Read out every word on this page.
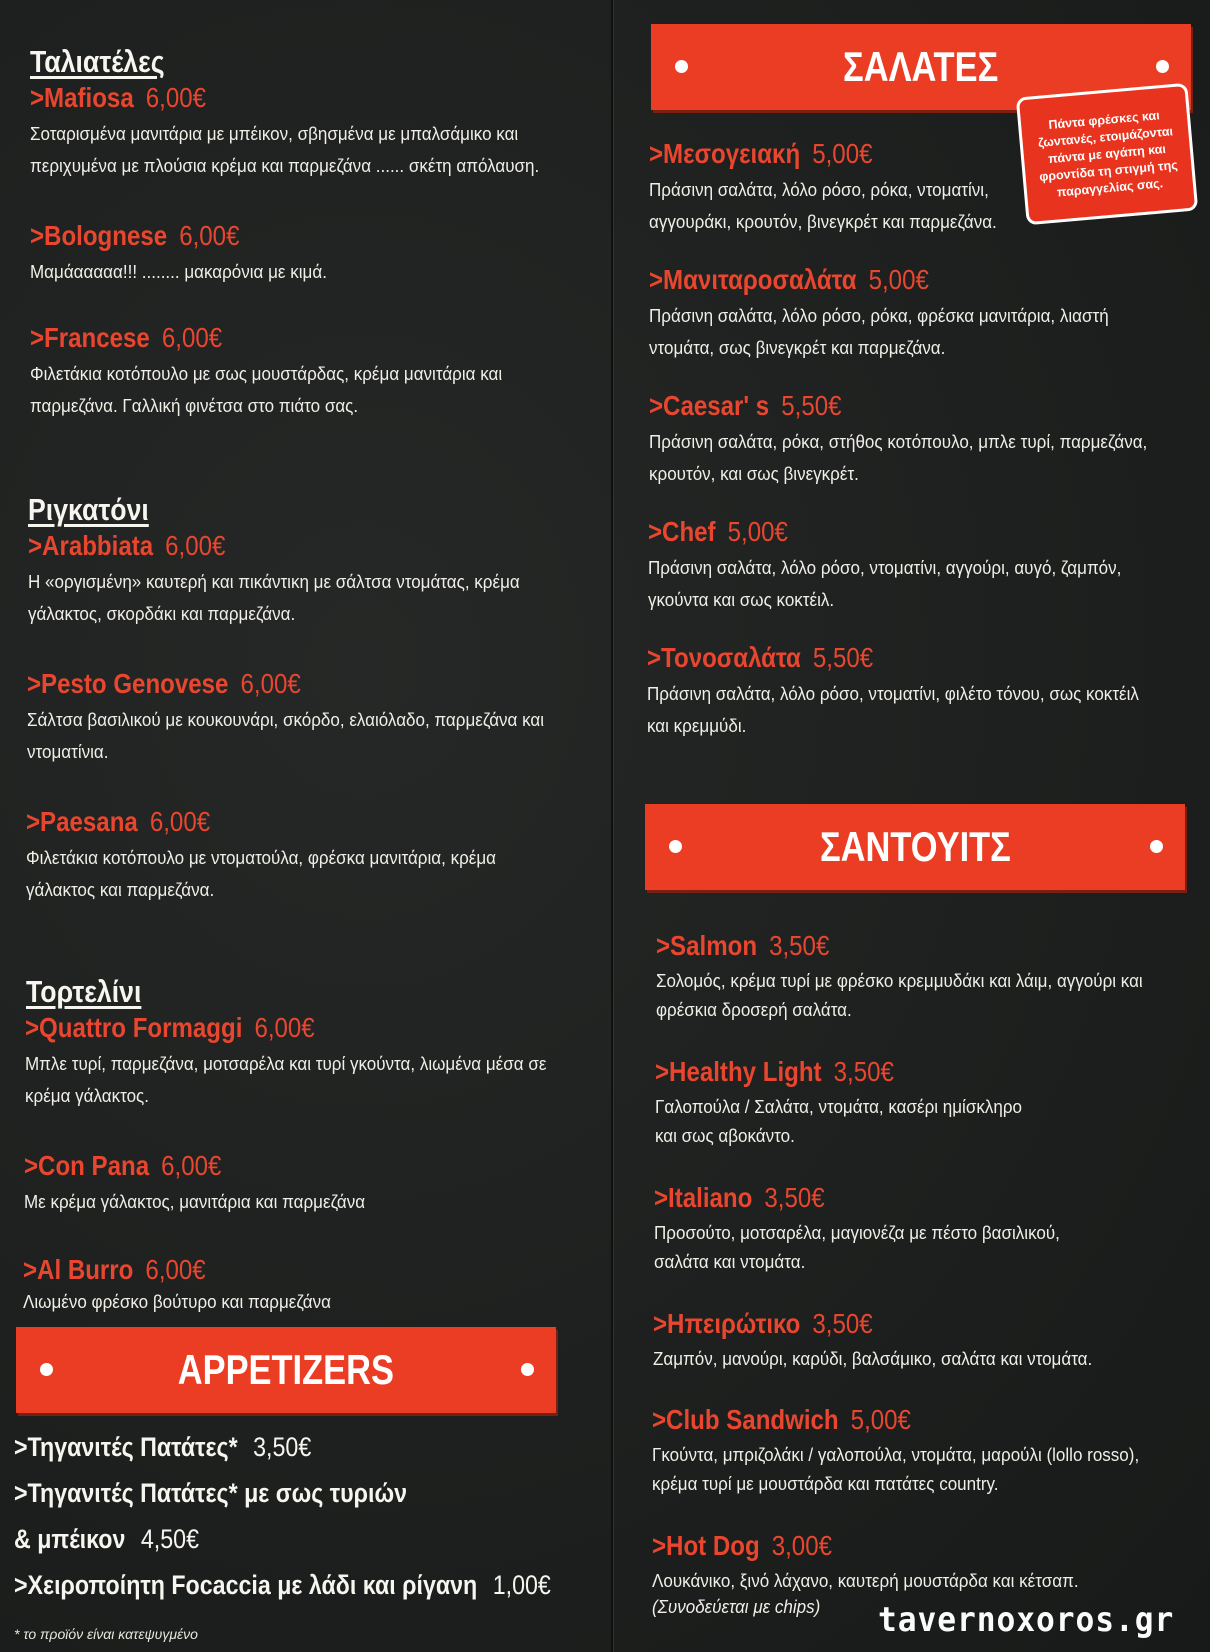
Ταλιατέλες
>Mafiosa 6,00€
Σοταρισμένα μανιτάρια με μπέικον, σβησμένα με μπαλσάμικο και περιχυμένα με πλούσια κρέμα και παρμεζάνα ...... σκέτη απόλαυση.
>Bolognese 6,00€
Μαμάααααα!!! ........ μακαρόνια με κιμά.
>Francese 6,00€
Φιλετάκια κοτόπουλο με σως μουστάρδας, κρέμα μανιτάρια και παρμεζάνα. Γαλλική φινέτσα στο πιάτο σας.
Ριγκατόνι
>Arabbiata 6,00€
Η «οργισμένη» καυτερή και πικάντικη με σάλτσα ντομάτας, κρέμα γάλακτος, σκορδάκι και παρμεζάνα.
>Pesto Genovese 6,00€
Σάλτσα βασιλικού με κουκουνάρι, σκόρδο, ελαιόλαδο, παρμεζάνα και ντοματίνια.
>Paesana 6,00€
Φιλετάκια κοτόπουλο με ντοματούλα, φρέσκα μανιτάρια, κρέμα γάλακτος και παρμεζάνα.
Τορτελίνι
>Quattro Formaggi 6,00€
Μπλε τυρί, παρμεζάνα, μοτσαρέλα και τυρί γκούντα, λιωμένα μέσα σε κρέμα γάλακτος.
>Con Pana 6,00€
Με κρέμα γάλακτος, μανιτάρια και παρμεζάνα
>Al Burro 6,00€
Λιωμένο φρέσκο βούτυρο και παρμεζάνα
APPETIZERS
>Τηγανιτές Πατάτες* 3,50€
>Τηγανιτές Πατάτες* με σως τυριών
& μπέικον 4,50€
>Χειροποίητη Focaccia με λάδι και ρίγανη 1,00€
* το προϊόν είναι κατεψυγμένο
ΣΑΛΑΤΕΣ
Πάντα φρέσκες και ζωντανές, ετοιμάζονται πάντα με αγάπη και φροντίδα τη στιγμή της παραγγελίας σας.
>Μεσογειακή 5,00€
Πράσινη σαλάτα, λόλο ρόσο, ρόκα, ντοματίνι, αγγουράκι, κρουτόν, βινεγκρέτ και παρμεζάνα.
>Μανιταροσαλάτα 5,00€
Πράσινη σαλάτα, λόλο ρόσο, ρόκα, φρέσκα μανιτάρια, λιαστή ντομάτα, σως βινεγκρέτ και παρμεζάνα.
>Caesar' s 5,50€
Πράσινη σαλάτα, ρόκα, στήθος κοτόπουλο, μπλε τυρί, παρμεζάνα, κρουτόν, και σως βινεγκρέτ.
>Chef 5,00€
Πράσινη σαλάτα, λόλο ρόσο, ντοματίνι, αγγούρι, αυγό, ζαμπόν, γκούντα και σως κοκτέιλ.
>Τονοσαλάτα 5,50€
Πράσινη σαλάτα, λόλο ρόσο, ντοματίνι, φιλέτο τόνου, σως κοκτέιλ και κρεμμύδι.
ΣΑΝΤΟΥΙΤΣ
>Salmon 3,50€
Σολομός, κρέμα τυρί με φρέσκο κρεμμυδάκι και λάιμ, αγγούρι και φρέσκια δροσερή σαλάτα.
>Healthy Light 3,50€
Γαλοπούλα / Σαλάτα, ντομάτα, κασέρι ημίσκληρο και σως αβοκάντο.
>Italiano 3,50€
Προσούτο, μοτσαρέλα, μαγιονέζα με πέστο βασιλικού, σαλάτα και ντομάτα.
>Ηπειρώτικο 3,50€
Ζαμπόν, μανούρι, καρύδι, βαλσάμικο, σαλάτα και ντομάτα.
>Club Sandwich 5,00€
Γκούντα, μπριζολάκι / γαλοπούλα, ντομάτα, μαρούλι (lollo rosso), κρέμα τυρί με μουστάρδα και πατάτες country.
>Hot Dog 3,00€
Λουκάνικο, ξινό λάχανο, καυτερή μουστάρδα και κέτσαπ.
(Συνοδεύεται με chips)	tavernoxoros.gr
